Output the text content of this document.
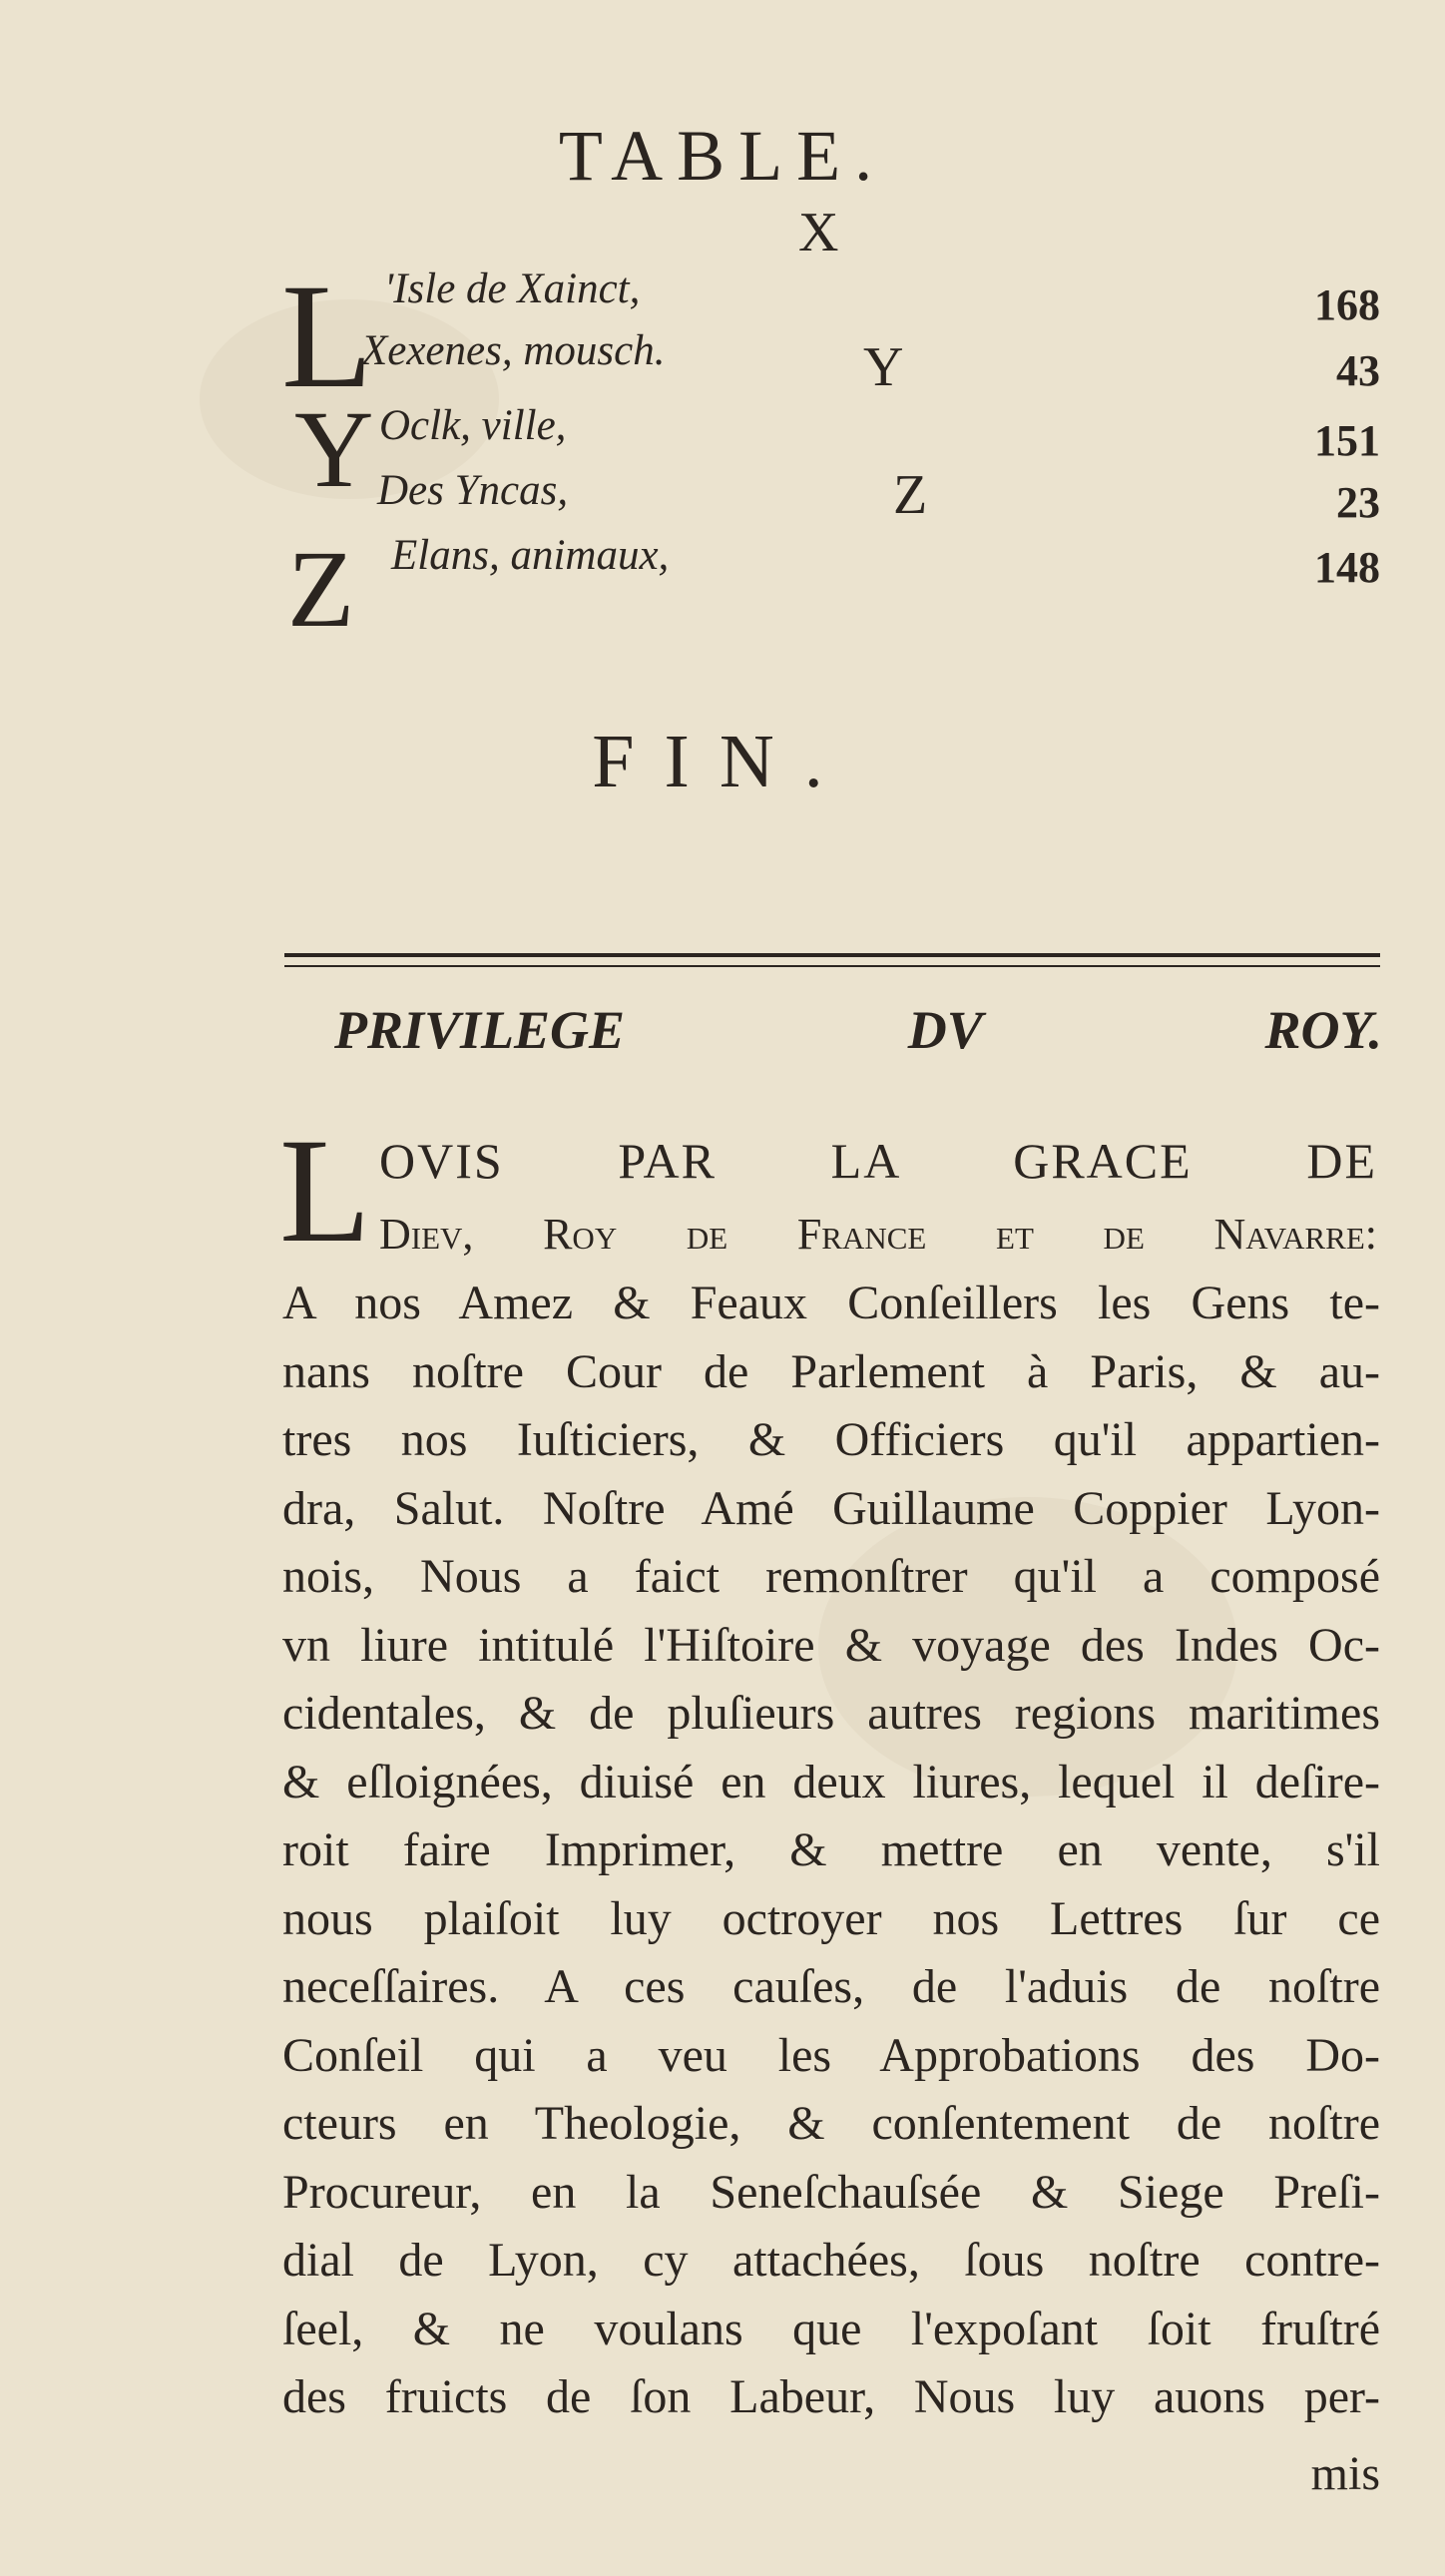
TABLE.
X
L 'Isle de Xainct,	168
Xexenes, mousch.	Y	43
Y Oclk, ville,	151
Des Yncas,	Z	23
Z Elans, animaux,	148
FIN.
PRIVILEGE DV ROY.
L OVIS PAR LA GRACE DE
Diev, Roy de France et de Navarre:
A nos Amez & Feaux Conſeillers les Gens te-
nans noſtre Cour de Parlement à Paris, & au-
tres nos Iuſticiers, & Officiers qu'il appartien-
dra, Salut. Noſtre Amé Guillaume Coppier Lyon-
nois, Nous a faict remonſtrer qu'il a composé
vn liure intitulé l'Hiſtoire & voyage des Indes Oc-
cidentales, & de pluſieurs autres regions maritimes
& eſloignées, diuisé en deux liures, lequel il deſire-
roit faire Imprimer, & mettre en vente, s'il
nous plaiſoit luy octroyer nos Lettres ſur ce
neceſſaires. A ces cauſes, de l'aduis de noſtre
Conſeil qui a veu les Approbations des Do-
cteurs en Theologie, & conſentement de noſtre
Procureur, en la Seneſchauſsée & Siege Preſi-
dial de Lyon, cy attachées, ſous noſtre contre-
ſeel, & ne voulans que l'expoſant ſoit fruſtré
des fruicts de ſon Labeur, Nous luy auons per-
mis
